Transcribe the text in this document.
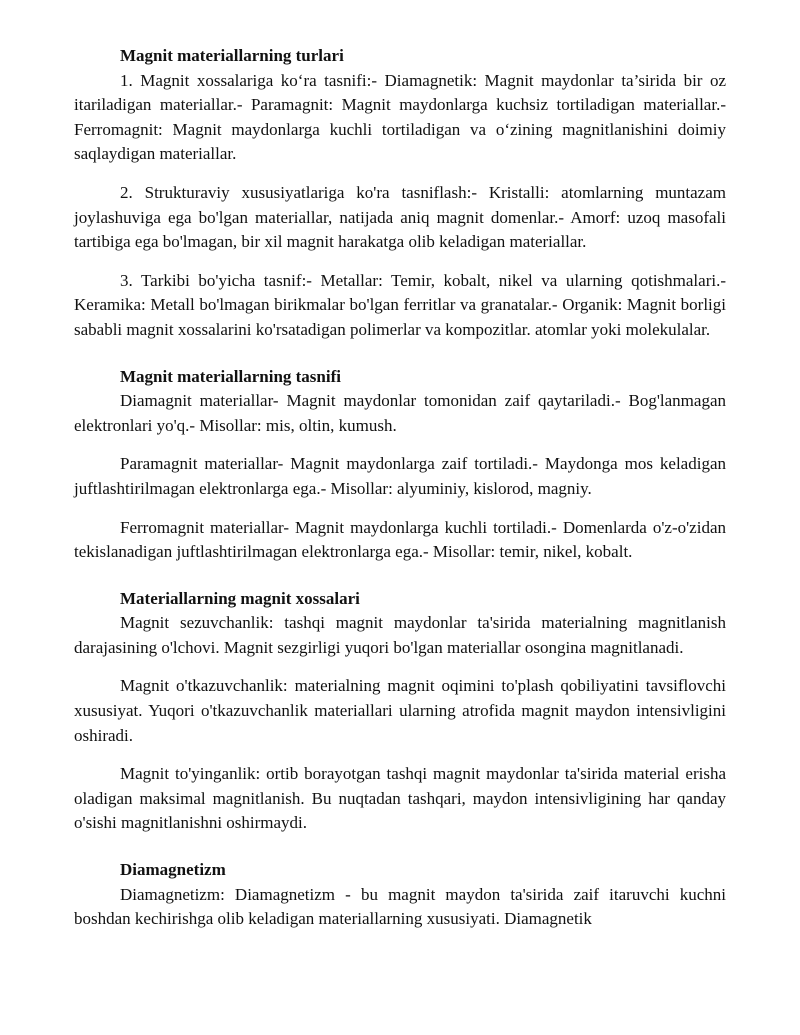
Magnit materiallarning turlari

1. Magnit xossalariga ko‘ra tasnifi:- Diamagnetik: Magnit maydonlar ta’sirida bir oz itariladigan materiallar.- Paramagnit: Magnit maydonlarga kuchsiz tortiladigan materiallar.- Ferromagnit: Magnit maydonlarga kuchli tortiladigan va o‘zining magnitlanishini doimiy saqlaydigan materiallar.

2. Strukturaviy xususiyatlariga ko'ra tasniflash:- Kristalli: atomlarning muntazam joylashuviga ega bo'lgan materiallar, natijada aniq magnit domenlar.- Amorf: uzoq masofali tartibiga ega bo'lmagan, bir xil magnit harakatga olib keladigan materiallar.

3. Tarkibi bo'yicha tasnif:- Metallar: Temir, kobalt, nikel va ularning qotishmalari.- Keramika: Metall bo'lmagan birikmalar bo'lgan ferritlar va granatalar.- Organik: Magnit borligi sababli magnit xossalarini ko'rsatadigan polimerlar va kompozitlar. atomlar yoki molekulalar.

Magnit materiallarning tasnifi

Diamagnit materiallar- Magnit maydonlar tomonidan zaif qaytariladi.- Bog'lanmagan elektronlari yo'q.- Misollar: mis, oltin, kumush.

Paramagnit materiallar- Magnit maydonlarga zaif tortiladi.- Maydonga mos keladigan juftlashtirilmagan elektronlarga ega.- Misollar: alyuminiy, kislorod, magniy.

Ferromagnit materiallar- Magnit maydonlarga kuchli tortiladi.- Domenlarda o'z-o'zidan tekislanadigan juftlashtirilmagan elektronlarga ega.- Misollar: temir, nikel, kobalt.

Materiallarning magnit xossalari

Magnit sezuvchanlik: tashqi magnit maydonlar ta'sirida materialning magnitlanish darajasining o'lchovi. Magnit sezgirligi yuqori bo'lgan materiallar osongina magnitlanadi.

Magnit o'tkazuvchanlik: materialning magnit oqimini to'plash qobiliyatini tavsiflovchi xususiyat. Yuqori o'tkazuvchanlik materiallari ularning atrofida magnit maydon intensivligini oshiradi.

Magnit to'yinganlik: ortib borayotgan tashqi magnit maydonlar ta'sirida material erisha oladigan maksimal magnitlanish. Bu nuqtadan tashqari, maydon intensivligining har qanday o'sishi magnitlanishni oshirmaydi.

Diamagnetizm

Diamagnetizm: Diamagnetizm - bu magnit maydon ta'sirida zaif itaruvchi kuchni boshdan kechirishga olib keladigan materiallarning xususiyati. Diamagnetik
